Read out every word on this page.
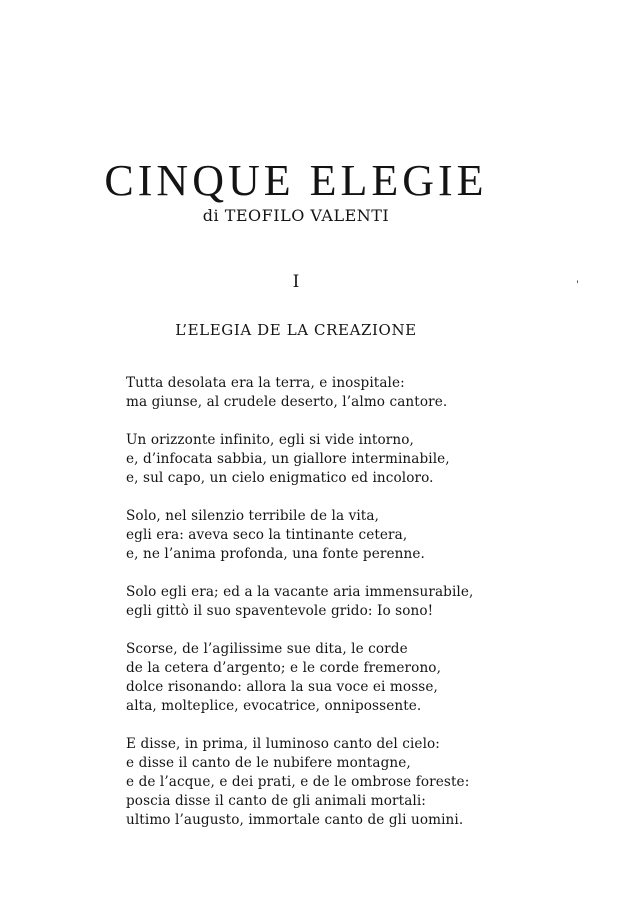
CINQUE ELEGIE
di TEOFILO VALENTI
I	ˈ
L’ELEGIA DE LA CREAZIONE
Tutta desolata era la terra, e inospitale:
ma giunse, al crudele deserto, l’almo cantore.
Un orizzonte infinito, egli si vide intorno,
e, d’infocata sabbia, un giallore interminabile,
e, sul capo, un cielo enigmatico ed incoloro.
Solo, nel silenzio terribile de la vita,
egli era: aveva seco la tintinante cetera,
e, ne l’anima profonda, una fonte perenne.
Solo egli era; ed a la vacante aria immensurabile,
egli gittò il suo spaventevole grido: Io sono!
Scorse, de l’agilissime sue dita, le corde
de la cetera d’argento; e le corde fremerono,
dolce risonando: allora la sua voce ei mosse,
alta, molteplice, evocatrice, onnipossente.
E disse, in prima, il luminoso canto del cielo:
e disse il canto de le nubifere montagne,
e de l’acque, e dei prati, e de le ombrose foreste:
poscia disse il canto de gli animali mortali:
ultimo l’augusto, immortale canto de gli uomini.
